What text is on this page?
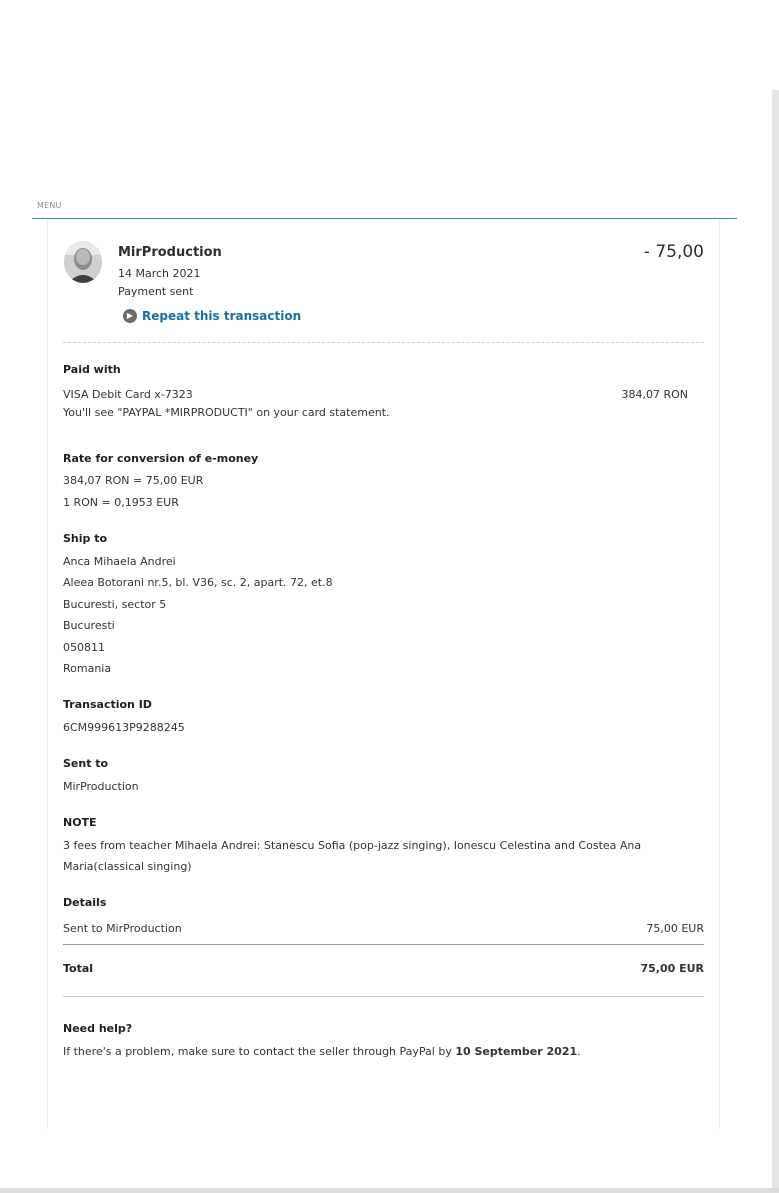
MENU
MirProduction
14 March 2021
Payment sent
▶ Repeat this transaction
- 75,00
Paid with
VISA Debit Card x-7323
You'll see "PAYPAL *MIRPRODUCTI" on your card statement.
384,07 RON
Rate for conversion of e-money
384,07 RON = 75,00 EUR
1 RON = 0,1953 EUR
Ship to
Anca Mihaela Andrei
Aleea Botorani nr.5, bl. V36, sc. 2, apart. 72, et.8
Bucuresti, sector 5
Bucuresti
050811
Romania
Transaction ID
6CM999613P9288245
Sent to
MirProduction
NOTE
3 fees from teacher Mihaela Andrei: Stanescu Sofia (pop-jazz singing), Ionescu Celestina and Costea Ana
Maria(classical singing)
Details
Sent to MirProduction	75,00 EUR
Total	75,00 EUR
Need help?
If there's a problem, make sure to contact the seller through PayPal by 10 September 2021.
